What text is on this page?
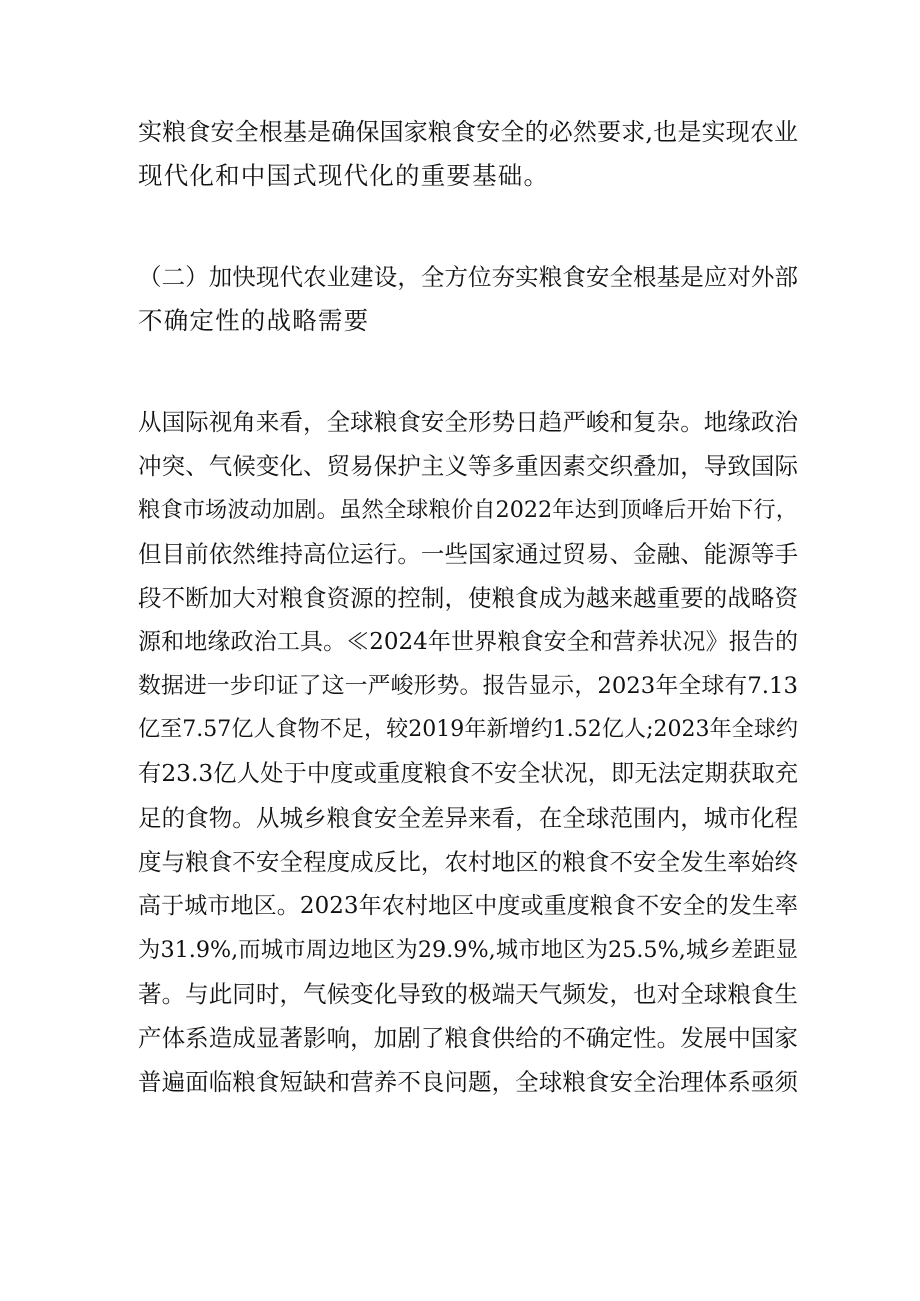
实粮食安全根基是确保国家粮食安全的必然要求,也是实现农业
现代化和中国式现代化的重要基础。
（二）加快现代农业建设，全方位夯实粮食安全根基是应对外部
不确定性的战略需要
从国际视角来看，全球粮食安全形势日趋严峻和复杂。地缘政治
冲突、气候变化、贸易保护主义等多重因素交织叠加，导致国际
粮食市场波动加剧。虽然全球粮价自2022年达到顶峰后开始下行，
但目前依然维持高位运行。一些国家通过贸易、金融、能源等手
段不断加大对粮食资源的控制，使粮食成为越来越重要的战略资
源和地缘政治工具。≪2024年世界粮食安全和营养状况》报告的
数据进一步印证了这一严峻形势。报告显示，2023年全球有7.13
亿至7.57亿人食物不足，较2019年新增约1.52亿人;2023年全球约
有23.3亿人处于中度或重度粮食不安全状况，即无法定期获取充
足的食物。从城乡粮食安全差异来看，在全球范围内，城市化程
度与粮食不安全程度成反比，农村地区的粮食不安全发生率始终
高于城市地区。2023年农村地区中度或重度粮食不安全的发生率
为31.9%,而城市周边地区为29.9%,城市地区为25.5%,城乡差距显
著。与此同时，气候变化导致的极端天气频发，也对全球粮食生
产体系造成显著影响，加剧了粮食供给的不确定性。发展中国家
普遍面临粮食短缺和营养不良问题，全球粮食安全治理体系亟须
